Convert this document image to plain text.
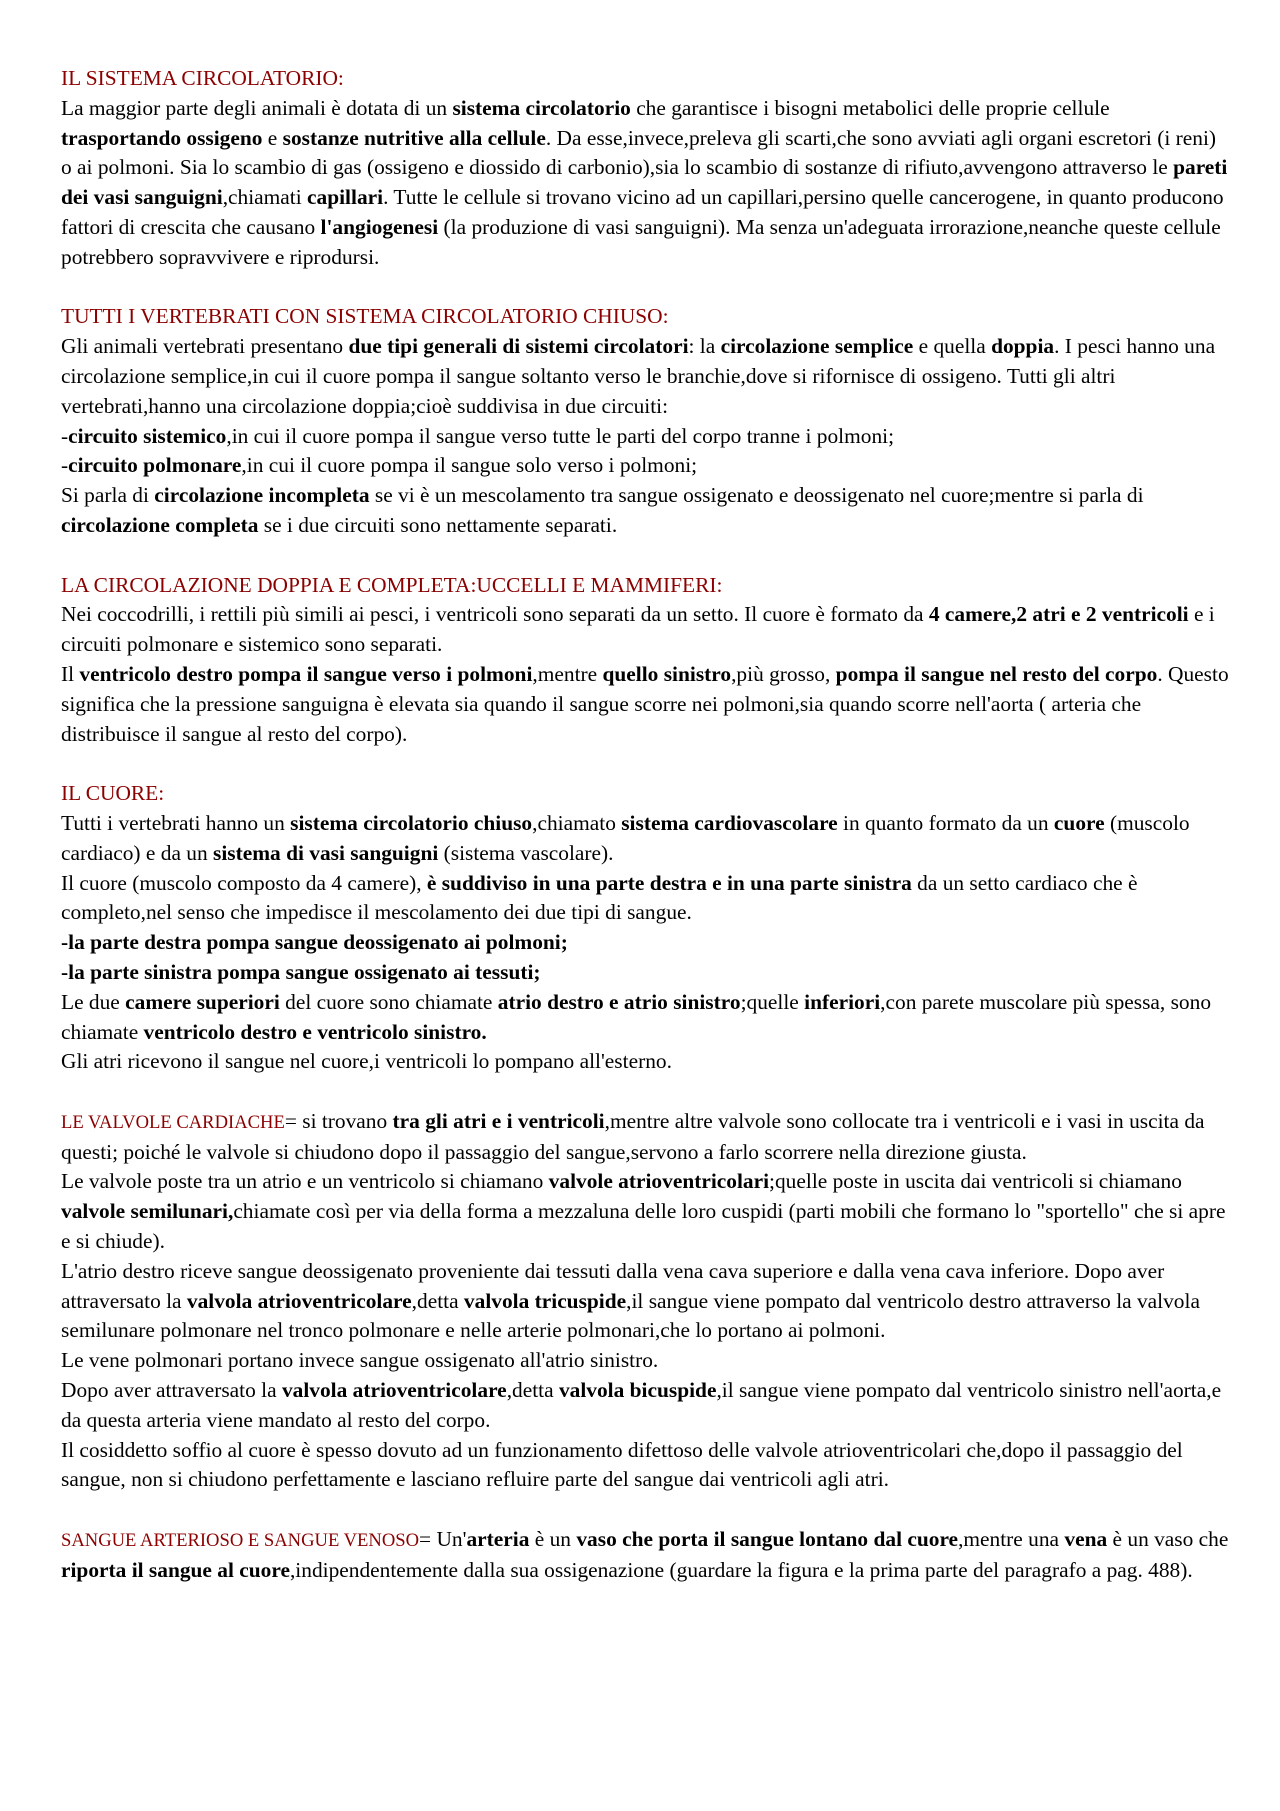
IL SISTEMA CIRCOLATORIO:

La maggior parte degli animali è dotata di un sistema circolatorio che garantisce i bisogni metabolici delle proprie cellule trasportando ossigeno e sostanze nutritive alla cellule. Da esse,invece,preleva gli scarti,che sono avviati agli organi escretori (i reni) o ai polmoni. Sia lo scambio di gas (ossigeno e diossido di carbonio),sia lo scambio di sostanze di rifiuto,avvengono attraverso le pareti dei vasi sanguigni,chiamati capillari. Tutte le cellule si trovano vicino ad un capillari,persino quelle cancerogene, in quanto producono fattori di crescita che causano l'angiogenesi (la produzione di vasi sanguigni). Ma senza un'adeguata irrorazione,neanche queste cellule potrebbero sopravvivere e riprodursi.

TUTTI I VERTEBRATI CON SISTEMA CIRCOLATORIO CHIUSO:

Gli animali vertebrati presentano due tipi generali di sistemi circolatori: la circolazione semplice e quella doppia. I pesci hanno una circolazione semplice,in cui il cuore pompa il sangue soltanto verso le branchie,dove si rifornisce di ossigeno. Tutti gli altri vertebrati,hanno una circolazione doppia;cioè suddivisa in due circuiti:

-circuito sistemico,in cui il cuore pompa il sangue verso tutte le parti del corpo tranne i polmoni;

-circuito polmonare,in cui il cuore pompa il sangue solo verso i polmoni;

Si parla di circolazione incompleta se vi è un mescolamento tra sangue ossigenato e deossigenato nel cuore;mentre si parla di circolazione completa se i due circuiti sono nettamente separati.

LA CIRCOLAZIONE DOPPIA E COMPLETA:UCCELLI E MAMMIFERI:

Nei coccodrilli, i rettili più simili ai pesci, i ventricoli sono separati da un setto. Il cuore è formato da 4 camere,2 atri e 2 ventricoli e i circuiti polmonare e sistemico sono separati.

Il ventricolo destro pompa il sangue verso i polmoni,mentre quello sinistro,più grosso, pompa il sangue nel resto del corpo. Questo significa che la pressione sanguigna è elevata sia quando il sangue scorre nei polmoni,sia quando scorre nell'aorta ( arteria che distribuisce il sangue al resto del corpo).

IL CUORE:

Tutti i vertebrati hanno un sistema circolatorio chiuso,chiamato sistema cardiovascolare in quanto formato da un cuore (muscolo cardiaco) e da un sistema di vasi sanguigni (sistema vascolare).

Il cuore (muscolo composto da 4 camere), è suddiviso in una parte destra e in una parte sinistra da un setto cardiaco che è completo,nel senso che impedisce il mescolamento dei due tipi di sangue.

-la parte destra pompa sangue deossigenato ai polmoni;

-la parte sinistra pompa sangue ossigenato ai tessuti;

Le due camere superiori del cuore sono chiamate atrio destro e atrio sinistro;quelle inferiori,con parete muscolare più spessa, sono chiamate ventricolo destro e ventricolo sinistro.

Gli atri ricevono il sangue nel cuore,i ventricoli lo pompano all'esterno.

LE VALVOLE CARDIACHE= si trovano tra gli atri e i ventricoli,mentre altre valvole sono collocate tra i ventricoli e i vasi in uscita da questi; poiché le valvole si chiudono dopo il passaggio del sangue,servono a farlo scorrere nella direzione giusta.

Le valvole poste tra un atrio e un ventricolo si chiamano valvole atrioventricolari;quelle poste in uscita dai ventricoli si chiamano valvole semilunari,chiamate così per via della forma a mezzaluna delle loro cuspidi (parti mobili che formano lo "sportello" che si apre e si chiude).

L'atrio destro riceve sangue deossigenato proveniente dai tessuti dalla vena cava superiore e dalla vena cava inferiore. Dopo aver attraversato la valvola atrioventricolare,detta valvola tricuspide,il sangue viene pompato dal ventricolo destro attraverso la valvola semilunare polmonare nel tronco polmonare e nelle arterie polmonari,che lo portano ai polmoni.

Le vene polmonari portano invece sangue ossigenato all'atrio sinistro.

Dopo aver attraversato la valvola atrioventricolare,detta valvola bicuspide,il sangue viene pompato dal ventricolo sinistro nell'aorta,e da questa arteria viene mandato al resto del corpo.

Il cosiddetto soffio al cuore è spesso dovuto ad un funzionamento difettoso delle valvole atrioventricolari che,dopo il passaggio del sangue, non si chiudono perfettamente e lasciano refluire parte del sangue dai ventricoli agli atri.

SANGUE ARTERIOSO E SANGUE VENOSO= Un'arteria è un vaso che porta il sangue lontano dal cuore,mentre una vena è un vaso che riporta il sangue al cuore,indipendentemente dalla sua ossigenazione (guardare la figura e la prima parte del paragrafo a pag. 488).
